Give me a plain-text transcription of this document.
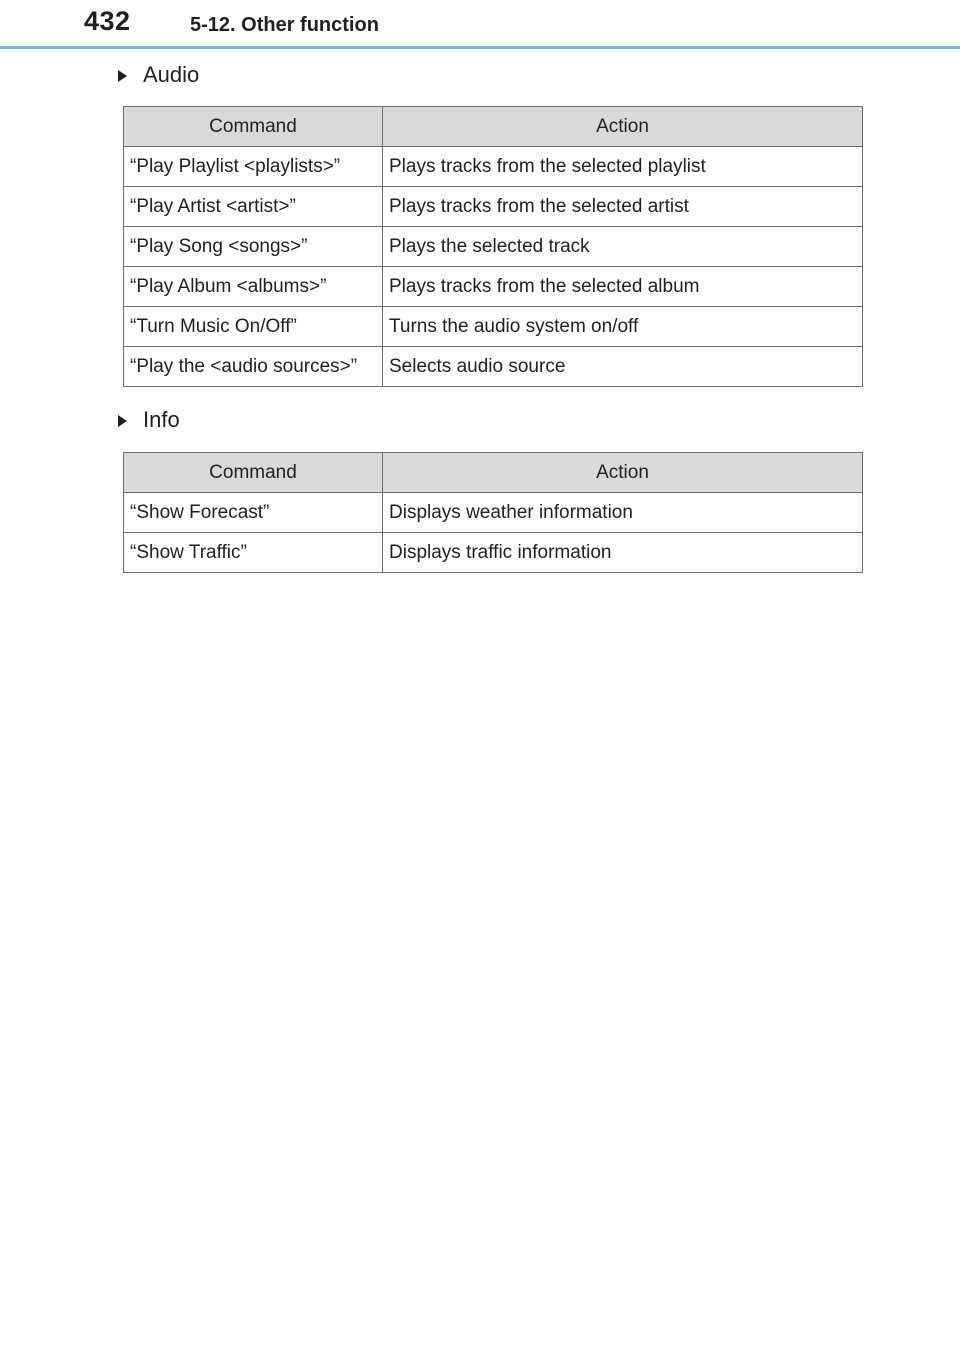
432	5-12. Other function
Audio
Command	Action
“Play Playlist <playlists>”	Plays tracks from the selected playlist
“Play Artist <artist>”	Plays tracks from the selected artist
“Play Song <songs>”	Plays the selected track
“Play Album <albums>”	Plays tracks from the selected album
“Turn Music On/Off”	Turns the audio system on/off
“Play the <audio sources>”	Selects audio source
Info
Command	Action
“Show Forecast”	Displays weather information
“Show Traffic”	Displays traffic information
